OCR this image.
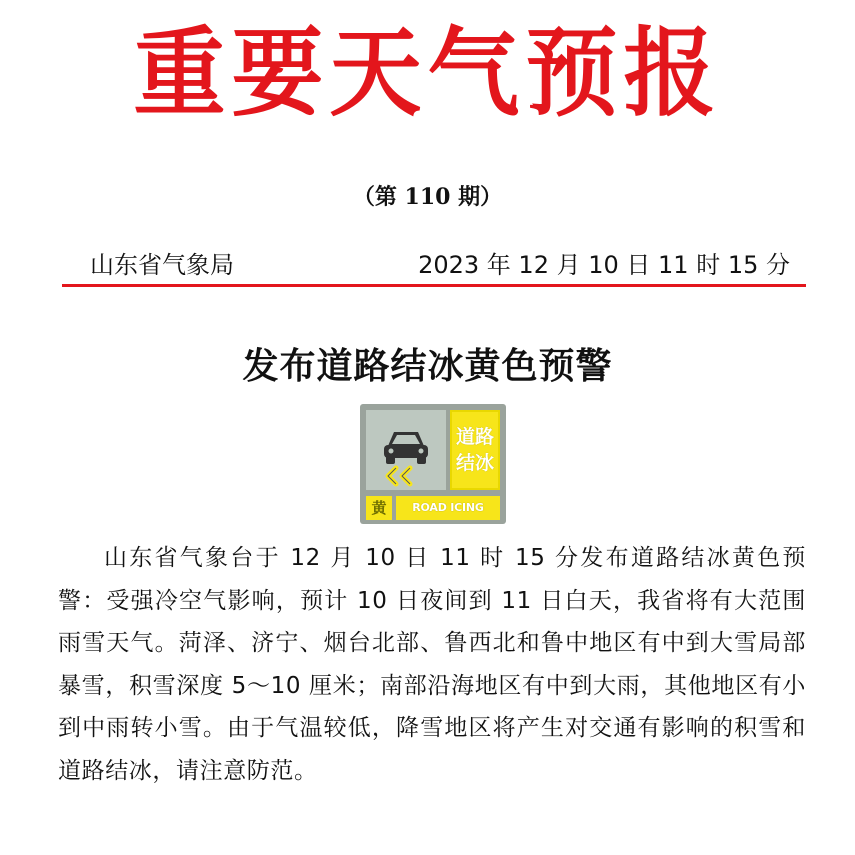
重要天气预报
（第 110 期）
山东省气象局	2023 年 12 月 10 日 11 时 15 分
发布道路结冰黄色预警
道路
结冰
黄	ROAD ICING
山东省气象台于 12 月 10 日 11 时 15 分发布道路结冰黄色预警：受强冷空气影响，预计 10 日夜间到 11 日白天，我省将有大范围雨雪天气。菏泽、济宁、烟台北部、鲁西北和鲁中地区有中到大雪局部暴雪，积雪深度 5～10 厘米；南部沿海地区有中到大雨，其他地区有小到中雨转小雪。由于气温较低，降雪地区将产生对交通有影响的积雪和道路结冰，请注意防范。
